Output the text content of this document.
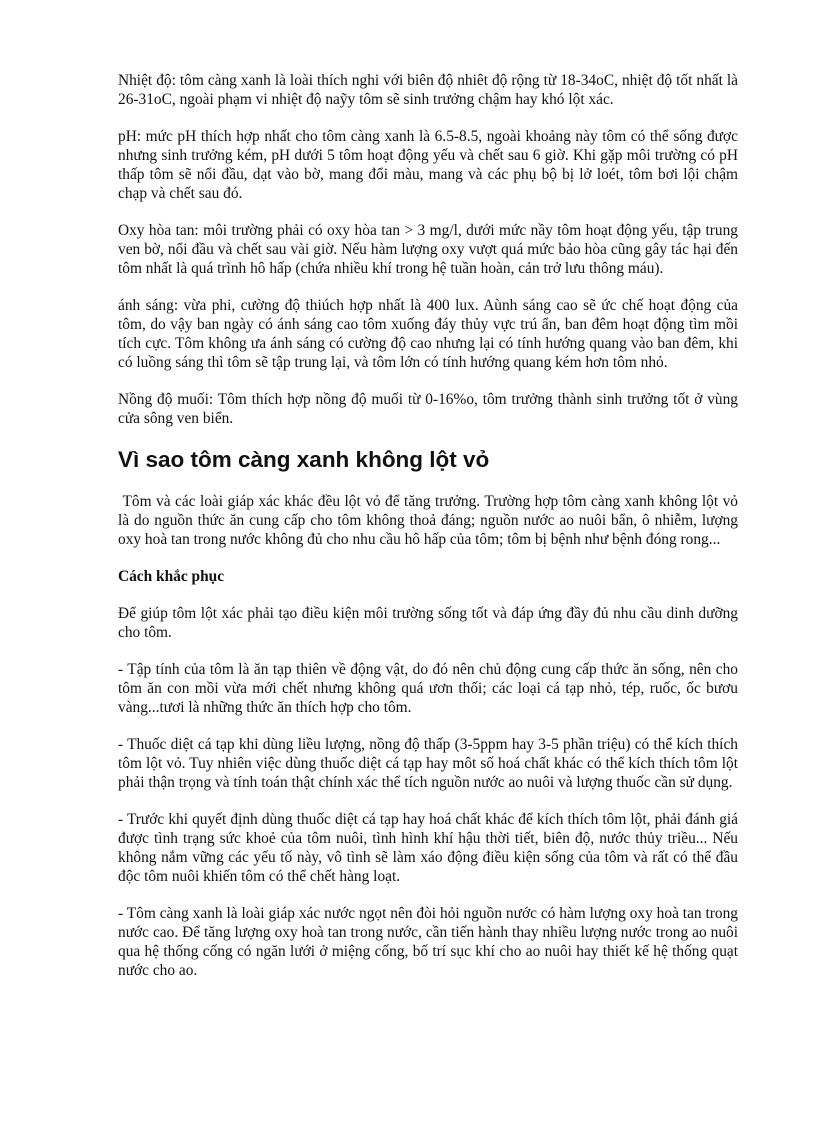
Nhiệt độ: tôm càng xanh là loài thích nghi với biên độ nhiêt độ rộng từ 18-34oC, nhiệt độ tốt nhất là 26-31oC, ngoài phạm vi nhiệt độ naỹy tôm sẽ sinh trưởng chậm hay khó lột xác.

pH: mức pH thích hợp nhất cho tôm càng xanh là 6.5-8.5, ngoài khoảng này tôm có thể sống được nhưng sinh trưởng kém, pH dưới 5 tôm hoạt động yếu và chết sau 6 giờ. Khi gặp môi trường có pH thấp tôm sẽ nổi đầu, dạt vào bờ, mang đổi màu, mang và các phụ bộ bị lở loét, tôm bơi lội chậm chạp và chết sau đó.

Oxy hòa tan: môi trường phải có oxy hòa tan > 3 mg/l, dưới mức nầy tôm hoạt động yếu, tập trung ven bờ, nổi đầu và chết sau vài giờ. Nếu hàm lượng oxy vượt quá mức bảo hòa cũng gây tác hại đến tôm nhất là quá trình hô hấp (chứa nhiều khí trong hệ tuần hoàn, cản trở lưu thông máu).

ánh sáng: vừa phi, cường độ thiúch hợp nhất là 400 lux. Aùnh sáng cao sẽ ức chế hoạt động của tôm, do vậy ban ngày có ánh sáng cao tôm xuống đáy thủy vực trú ẩn, ban đêm hoạt động tìm mồi tích cực. Tôm không ưa ánh sáng có cường độ cao nhưng lại có tính hướng quang vào ban đêm, khi có luồng sáng thì tôm sẽ tập trung lại, và tôm lớn có tính hướng quang kém hơn tôm nhỏ.

Nồng độ muối: Tôm thích hợp nồng độ muối từ 0-16%o, tôm trưởng thành sinh trưởng tốt ở vùng cửa sông ven biển.

Vì sao tôm càng xanh không lột vỏ

Tôm và các loài giáp xác khác đều lột vỏ để tăng trưởng. Trường hợp tôm càng xanh không lột vỏ là do nguồn thức ăn cung cấp cho tôm không thoả đáng; nguồn nước ao nuôi bẩn, ô nhiễm, lượng oxy hoà tan trong nước không đủ cho nhu cầu hô hấp của tôm; tôm bị bệnh như bệnh đóng rong...

Cách khắc phục

Để giúp tôm lột xác phải tạo điều kiện môi trường sống tốt và đáp ứng đầy đủ nhu cầu dinh dưỡng cho tôm.

- Tập tính của tôm là ăn tạp thiên về động vật, do đó nên chủ động cung cấp thức ăn sống, nên cho tôm ăn con mồi vừa mới chết nhưng không quá ươn thối; các loại cá tạp nhỏ, tép, ruốc, ốc bươu vàng...tươi là những thức ăn thích hợp cho tôm.

- Thuốc diệt cá tạp khi dùng liều lượng, nồng độ thấp (3-5ppm hay 3-5 phần triệu) có thể kích thích tôm lột vỏ. Tuy nhiên việc dùng thuốc diệt cá tạp hay môt số hoá chất khác có thể kích thích tôm lột phải thận trọng và tính toán thật chính xác thể tích nguồn nước ao nuôi và lượng thuốc cần sử dụng.

- Trước khi quyết định dùng thuốc diệt cá tạp hay hoá chất khác để kích thích tôm lột, phải đánh giá được tình trạng sức khoẻ của tôm nuôi, tình hình khí hậu thời tiết, biên độ, nước thủy triều... Nếu không nắm vững các yếu tố này, vô tình sẽ làm xáo động điều kiện sống của tôm và rất có thể đầu độc tôm nuôi khiến tôm có thể chết hàng loạt.

- Tôm càng xanh là loài giáp xác nước ngọt nên đòi hỏi nguồn nước có hàm lượng oxy hoà tan trong nước cao. Để tăng lượng oxy hoà tan trong nước, cần tiến hành thay nhiều lượng nước trong ao nuôi qua hệ thống cống có ngăn lưới ở miệng cống, bố trí sục khí cho ao nuôi hay thiết kế hệ thống quạt nước cho ao.
